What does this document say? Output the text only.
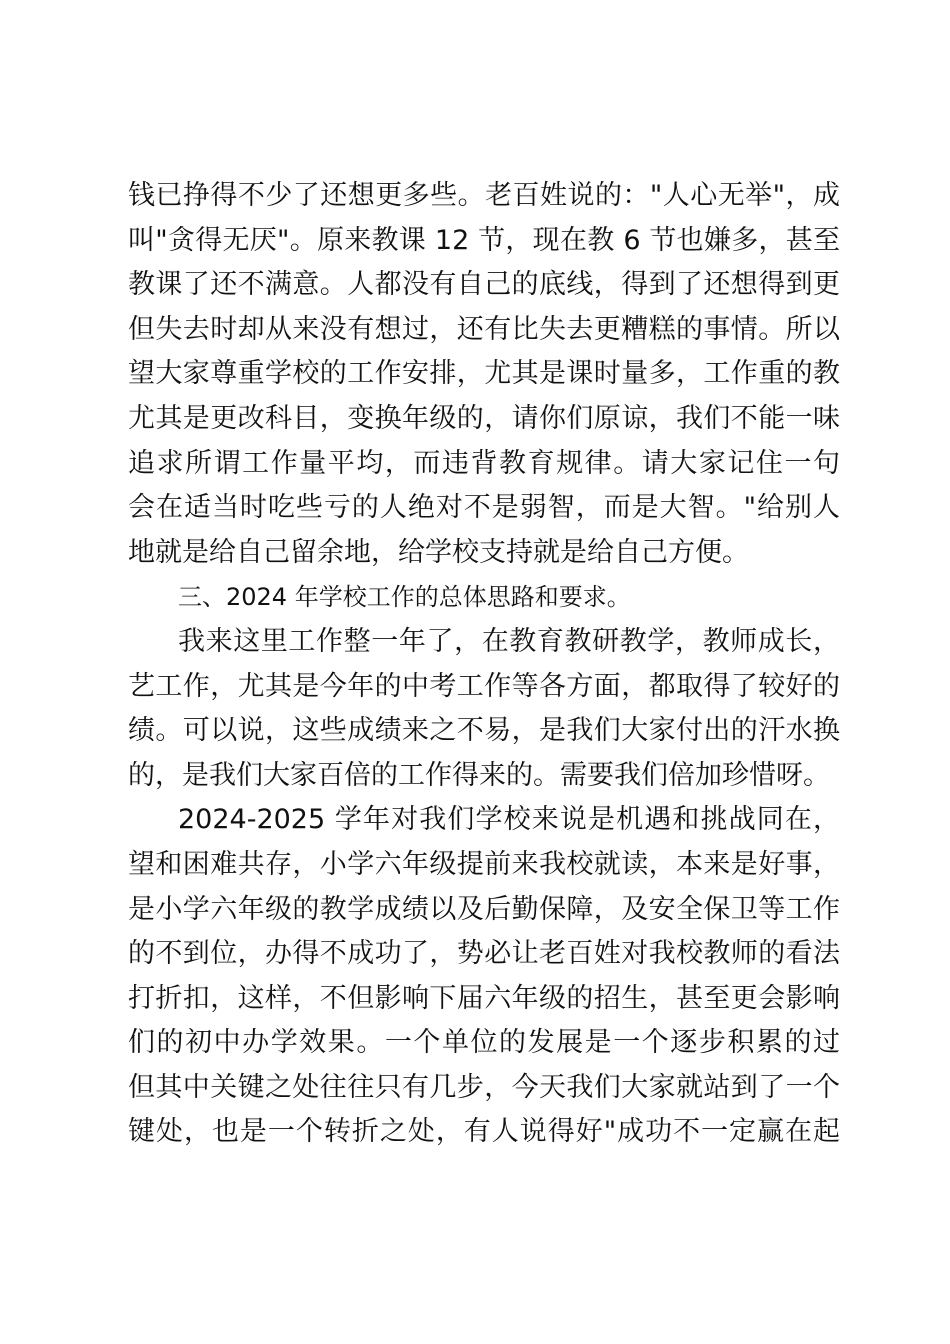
钱已挣得不少了还想更多些。老百姓说的："人心无举"，成
叫"贪得无厌"。原来教课 12 节，现在教 6 节也嫌多，甚至
教课了还不满意。人都没有自己的底线，得到了还想得到更
但失去时却从来没有想过，还有比失去更糟糕的事情。所以
望大家尊重学校的工作安排，尤其是课时量多，工作重的教
尤其是更改科目，变换年级的，请你们原谅，我们不能一味
追求所谓工作量平均，而违背教育规律。请大家记住一句
会在适当时吃些亏的人绝对不是弱智，而是大智。"给别人
地就是给自己留余地，给学校支持就是给自己方便。
三、2024 年学校工作的总体思路和要求。
我来这里工作整一年了，在教育教研教学，教师成长，
艺工作，尤其是今年的中考工作等各方面，都取得了较好的
绩。可以说，这些成绩来之不易，是我们大家付出的汗水换
的，是我们大家百倍的工作得来的。需要我们倍加珍惜呀。
2024-2025 学年对我们学校来说是机遇和挑战同在，
望和困难共存，小学六年级提前来我校就读，本来是好事，
是小学六年级的教学成绩以及后勤保障，及安全保卫等工作
的不到位，办得不成功了，势必让老百姓对我校教师的看法
打折扣，这样，不但影响下届六年级的招生，甚至更会影响
们的初中办学效果。一个单位的发展是一个逐步积累的过
但其中关键之处往往只有几步，今天我们大家就站到了一个
键处，也是一个转折之处，有人说得好"成功不一定赢在起
